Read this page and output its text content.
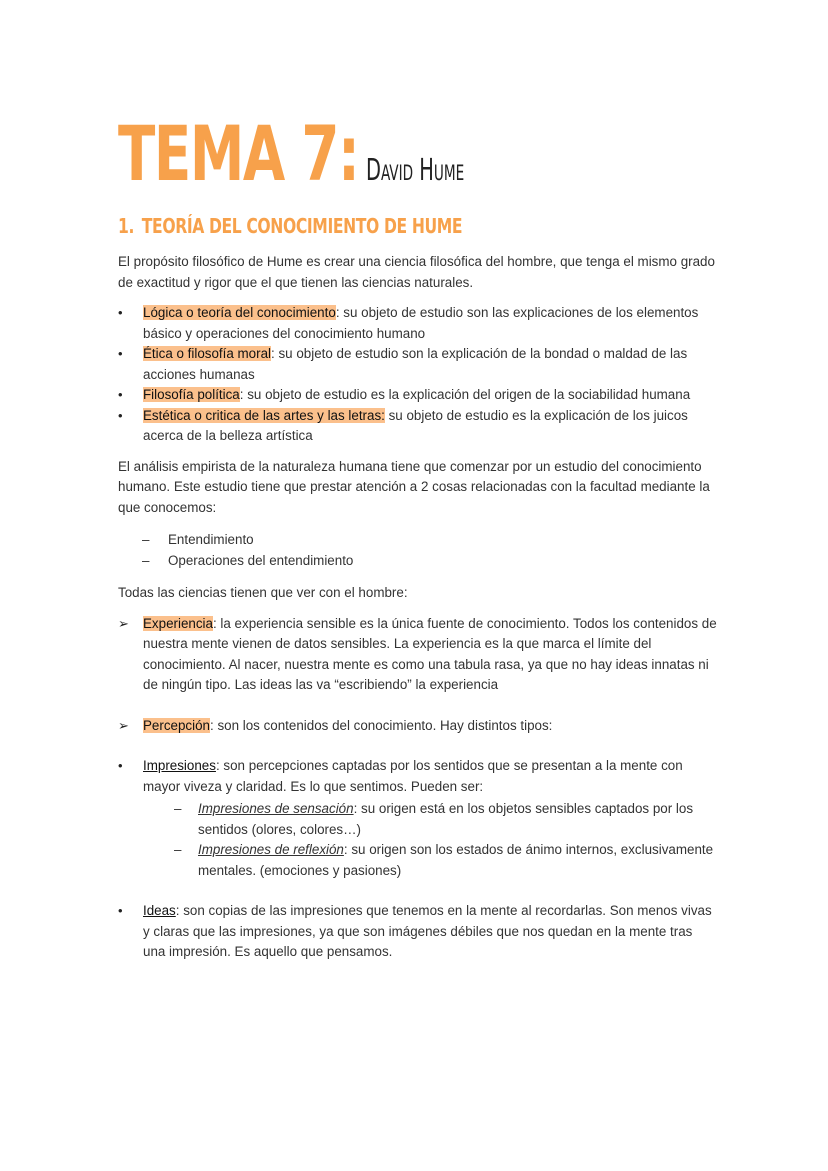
TEMA 7: David Hume
1. TEORÍA DEL CONOCIMIENTO DE HUME

El propósito filosófico de Hume es crear una ciencia filosófica del hombre, que tenga el mismo grado de exactitud y rigor que el que tienen las ciencias naturales.

•	Lógica o teoría del conocimiento: su objeto de estudio son las explicaciones de los elementos básico y operaciones del conocimiento humano
•	Ética o filosofía moral: su objeto de estudio son la explicación de la bondad o maldad de las acciones humanas
•	Filosofía política: su objeto de estudio es la explicación del origen de la sociabilidad humana
•	Estética o critica de las artes y las letras: su objeto de estudio es la explicación de los juicos acerca de la belleza artística

El análisis empirista de la naturaleza humana tiene que comenzar por un estudio del conocimiento humano. Este estudio tiene que prestar atención a 2 cosas relacionadas con la facultad mediante la que conocemos:

– Entendimiento
– Operaciones del entendimiento

Todas las ciencias tienen que ver con el hombre:

➢ Experiencia: la experiencia sensible es la única fuente de conocimiento. Todos los contenidos de nuestra mente vienen de datos sensibles. La experiencia es la que marca el límite del conocimiento. Al nacer, nuestra mente es como una tabula rasa, ya que no hay ideas innatas ni de ningún tipo. Las ideas las va “escribiendo” la experiencia
➢ Percepción: son los contenidos del conocimiento. Hay distintos tipos:
•	Impresiones: son percepciones captadas por los sentidos que se presentan a la mente con mayor viveza y claridad. Es lo que sentimos. Pueden ser:
– Impresiones de sensación: su origen está en los objetos sensibles captados por los sentidos (olores, colores…)
– Impresiones de reflexión: su origen son los estados de ánimo internos, exclusivamente mentales. (emociones y pasiones)
•	Ideas: son copias de las impresiones que tenemos en la mente al recordarlas. Son menos vivas y claras que las impresiones, ya que son imágenes débiles que nos quedan en la mente tras una impresión. Es aquello que pensamos.
